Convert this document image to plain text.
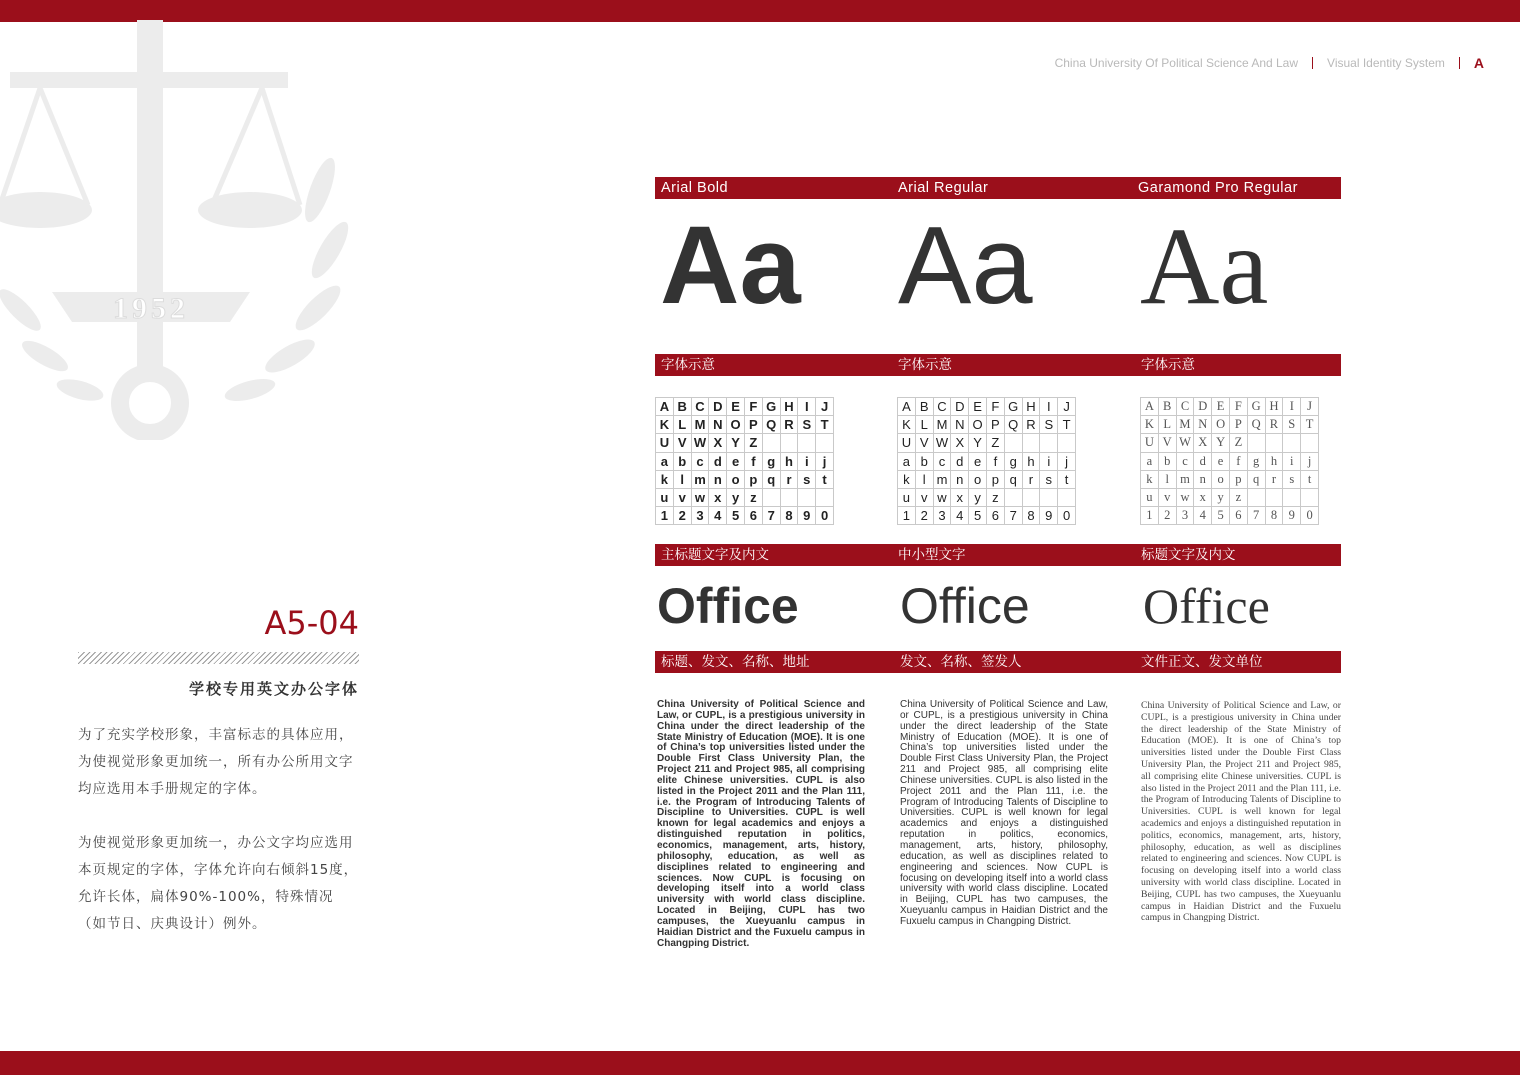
1952
China University Of Political Science And Law Visual Identity System A
A5-04
学校专用英文办公字体
为了充实学校形象，丰富标志的具体应用，
为使视觉形象更加统一，所有办公所用文字
均应选用本手册规定的字体。
为使视觉形象更加统一，办公文字均应选用
本页规定的字体，字体允许向右倾斜15度，
允许长体，扁体90%-100%，特殊情况
（如节日、庆典设计）例外。
Arial Bold	Arial Regular	Garamond Pro Regular
Aa Aa Aa
字体示意	字体示意	字体示意
A B C D E F G H I J
K L M N O P Q R S T
U V W X Y Z
a b c d e f g h i	j
k l m n o p q r s t
u v w x y z
1 2 3 4 5 6 7 8 9 0
A B C D E F G H I J
K L M N O P Q R S T
U V W X Y Z
a b c d e f g h i	j
k	l m n o p q r s t
u v w x y z
1 2 3 4 5 6 7 8 9 0
A B C D E F G H I	J
K L M N O P Q R S T
U V W X Y Z
a b c d e	f	g h	i	j
k	l m n o p q	r	s	t
u v w x y z
1 2 3 4 5 6 7 8 9 0
主标题文字及内文	中小型文字	标题文字及内文
Office Office Office
标题、发文、名称、地址	发文、名称、签发人	文件正文、发文单位
China University of Political Science and Law, or CUPL, is a prestigious university in China under the direct leadership of the State Ministry of Education (MOE). It is one of China’s top universities listed under the Double First Class University Plan, the Project 211 and Project 985, all comprising elite Chinese universities. CUPL is also listed in the Project 2011 and the Plan 111, i.e. the Program of Introducing Talents of Discipline to Universities. CUPL is well known for legal academics and enjoys a distinguished reputation in politics, economics, management, arts, history, philosophy, education, as well as disciplines related to engineering and sciences. Now CUPL is focusing on developing itself into a world class university with world class discipline. Located in Beijing, CUPL has two campuses, the Xueyuanlu campus in Haidian District and the Fuxuelu campus in Changping District.
China University of Political Science and Law, or CUPL, is a prestigious university in China under the direct leadership of the State Ministry of Education (MOE). It is one of China’s top universities listed under the Double First Class University Plan, the Project 211 and Project 985, all comprising elite Chinese universities. CUPL is also listed in the Project 2011 and the Plan 111, i.e. the Program of Introducing Talents of Discipline to Universities. CUPL is well known for legal academics and enjoys a distinguished reputation in politics, economics, management, arts, history, philosophy, education, as well as disciplines related to engineering and sciences. Now CUPL is focusing on developing itself into a world class university with world class discipline. Located in Beijing, CUPL has two campuses, the Xueyuanlu campus in Haidian District and the Fuxuelu campus in Changping District.
China University of Political Science and Law, or CUPL, is a prestigious university in China under the direct leadership of the State Ministry of Education (MOE). It is one of China’s top universities listed under the Double First Class University Plan, the Project 211 and Project 985, all comprising elite Chinese universities. CUPL is also listed in the Project 2011 and the Plan 111, i.e. the Program of Introducing Talents of Discipline to Universities. CUPL is well known for legal academics and enjoys a distinguished reputation in politics, economics, management, arts, history, philosophy, education, as well as disciplines related to engineering and sciences. Now CUPL is focusing on developing itself into a world class university with world class discipline. Located in Beijing, CUPL has two campuses, the Xueyuanlu campus in Haidian District and the Fuxuelu campus in Changping District.
